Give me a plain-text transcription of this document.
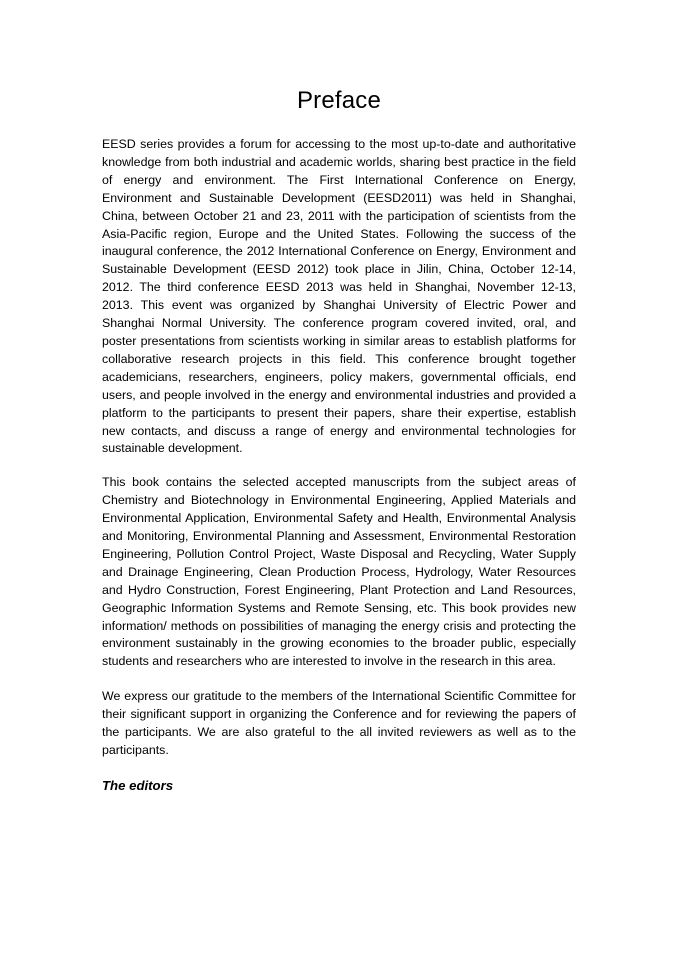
Preface

EESD series provides a forum for accessing to the most up-to-date and authoritative knowledge from both industrial and academic worlds, sharing best practice in the field of energy and environment. The First International Conference on Energy, Environment and Sustainable Development (EESD2011) was held in Shanghai, China, between October 21 and 23, 2011 with the participation of scientists from the Asia-Pacific region, Europe and the United States. Following the success of the inaugural conference, the 2012 International Conference on Energy, Environment and Sustainable Development (EESD 2012) took place in Jilin, China, October 12-14, 2012. The third conference EESD 2013 was held in Shanghai, November 12-13, 2013. This event was organized by Shanghai University of Electric Power and Shanghai Normal University. The conference program covered invited, oral, and poster presentations from scientists working in similar areas to establish platforms for collaborative research projects in this field. This conference brought together academicians, researchers, engineers, policy makers, governmental officials, end users, and people involved in the energy and environmental industries and provided a platform to the participants to present their papers, share their expertise, establish new contacts, and discuss a range of energy and environmental technologies for sustainable development.

This book contains the selected accepted manuscripts from the subject areas of Chemistry and Biotechnology in Environmental Engineering, Applied Materials and Environmental Application, Environmental Safety and Health, Environmental Analysis and Monitoring, Environmental Planning and Assessment, Environmental Restoration Engineering, Pollution Control Project, Waste Disposal and Recycling, Water Supply and Drainage Engineering, Clean Production Process, Hydrology, Water Resources and Hydro Construction, Forest Engineering, Plant Protection and Land Resources, Geographic Information Systems and Remote Sensing, etc. This book provides new information/ methods on possibilities of managing the energy crisis and protecting the environment sustainably in the growing economies to the broader public, especially students and researchers who are interested to involve in the research in this area.

We express our gratitude to the members of the International Scientific Committee for their significant support in organizing the Conference and for reviewing the papers of the participants. We are also grateful to the all invited reviewers as well as to the participants.

The editors
